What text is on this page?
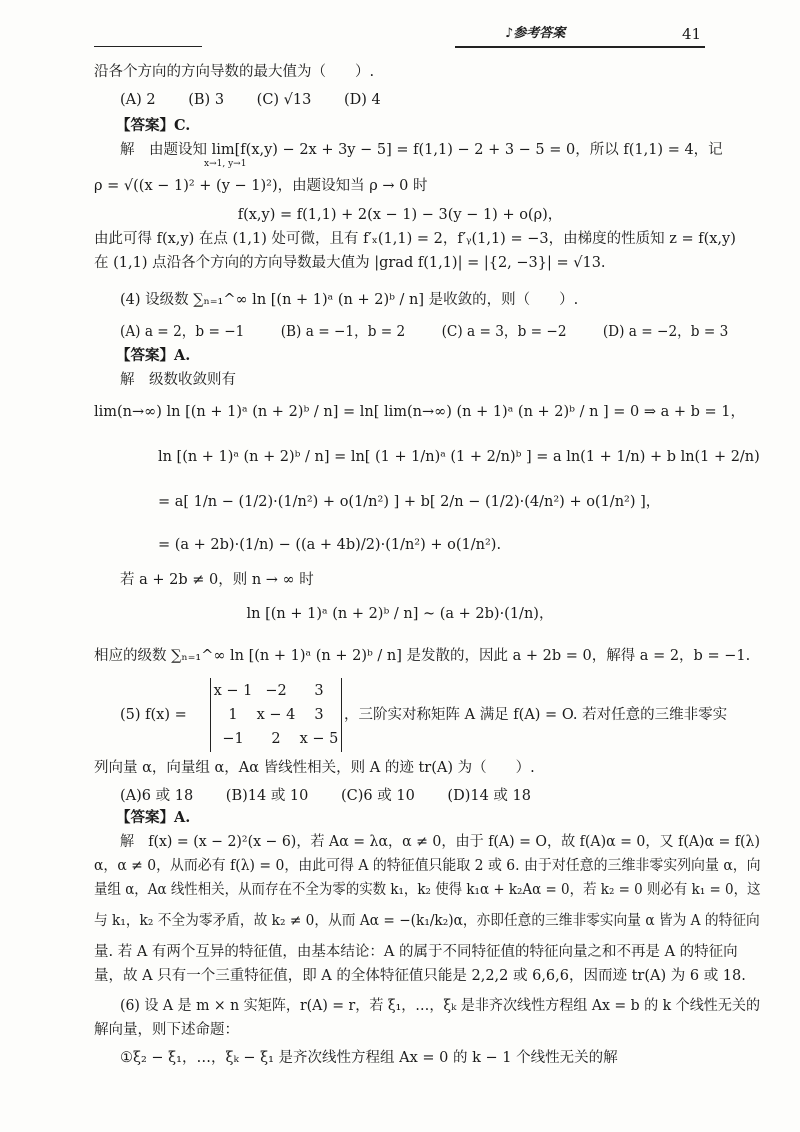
♪参考答案	41
沿各个方向的方向导数的最大值为（　　）.
(A) 2 (B) 3 (C) √13 (D) 4
【答案】C.
解　由题设知 lim[f(x,y) − 2x + 3y − 5] = f(1,1) − 2 + 3 − 5 = 0，所以 f(1,1) = 4，记
x→1, y→1
ρ = √((x − 1)² + (y − 1)²)，由题设知当 ρ → 0 时
f(x,y) = f(1,1) + 2(x − 1) − 3(y − 1) + o(ρ)，
由此可得 f(x,y) 在点 (1,1) 处可微，且有 f′ₓ(1,1) = 2，f′ᵧ(1,1) = −3，由梯度的性质知 z = f(x,y)
在 (1,1) 点沿各个方向的方向导数最大值为 |grad f(1,1)| = |{2, −3}| = √13.
(4) 设级数 ∑ₙ₌₁^∞ ln [(n + 1)ᵃ (n + 2)ᵇ / n] 是收敛的，则（　　）.
(A) a = 2，b = −1	(B) a = −1，b = 2	(C) a = 3，b = −2	(D) a = −2，b = 3
【答案】A.
解　级数收敛则有
lim(n→∞) ln [(n + 1)ᵃ (n + 2)ᵇ / n] = ln[ lim(n→∞) (n + 1)ᵃ (n + 2)ᵇ / n ] = 0 ⇒ a + b = 1，
ln [(n + 1)ᵃ (n + 2)ᵇ / n] = ln[ (1 + 1/n)ᵃ (1 + 2/n)ᵇ ] = a ln(1 + 1/n) + b ln(1 + 2/n)
= a[ 1/n − (1/2)·(1/n²) + o(1/n²) ] + b[ 2/n − (1/2)·(4/n²) + o(1/n²) ]，
= (a + 2b)·(1/n) − ((a + 4b)/2)·(1/n²) + o(1/n²).
若 a + 2b ≠ 0，则 n → ∞ 时
ln [(n + 1)ᵃ (n + 2)ᵇ / n] ~ (a + 2b)·(1/n)，
相应的级数 ∑ₙ₌₁^∞ ln [(n + 1)ᵃ (n + 2)ᵇ / n] 是发散的，因此 a + 2b = 0，解得 a = 2，b = −1.
(5) f(x) =
x − 1 −2	3
1	x − 4	3
−1	2	x − 5
，三阶实对称矩阵 A 满足 f(A) = O. 若对任意的三维非零实
列向量 α，向量组 α，Aα 皆线性相关，则 A 的迹 tr(A) 为（　　）.
(A)6 或 18 (B)14 或 10 (C)6 或 10 (D)14 或 18
【答案】A.
解　f(x) = (x − 2)²(x − 6)，若 Aα = λα，α ≠ 0，由于 f(A) = O，故 f(A)α = 0，又 f(A)α = f(λ)
α，α ≠ 0，从而必有 f(λ) = 0，由此可得 A 的特征值只能取 2 或 6. 由于对任意的三维非零实列向量 α，向
量组 α，Aα 线性相关，从而存在不全为零的实数 k₁，k₂ 使得 k₁α + k₂Aα = 0，若 k₂ = 0 则必有 k₁ = 0，这
与 k₁，k₂ 不全为零矛盾，故 k₂ ≠ 0，从而 Aα = −(k₁/k₂)α，亦即任意的三维非零实向量 α 皆为 A 的特征向
量. 若 A 有两个互异的特征值，由基本结论：A 的属于不同特征值的特征向量之和不再是 A 的特征向
量，故 A 只有一个三重特征值，即 A 的全体特征值只能是 2,2,2 或 6,6,6，因而迹 tr(A) 为 6 或 18.
(6) 设 A 是 m × n 实矩阵，r(A) = r，若 ξ₁，…，ξₖ 是非齐次线性方程组 Ax = b 的 k 个线性无关的
解向量，则下述命题：
①ξ₂ − ξ₁，…，ξₖ − ξ₁ 是齐次线性方程组 Ax = 0 的 k − 1 个线性无关的解
